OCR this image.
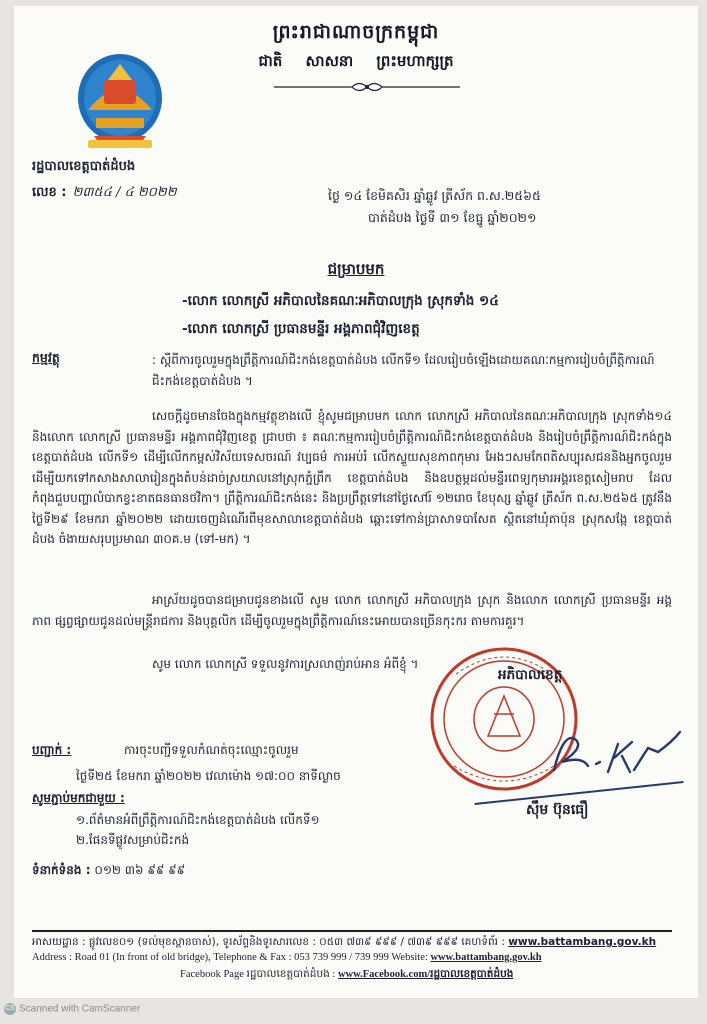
ព្រះរាជាណាចក្រកម្ពុជា
ជាតិ សាសនា ព្រះមហាក្សត្រ
រដ្ឋបាលខេត្តបាត់ដំបង
លេខ : ២៣៥៤ / ៤ ២០២២	ថ្ងៃ ១៤ ខែមិគសិរ ឆ្នាំឆ្លូវ ត្រីស័ក ព.ស.២៥៦៥
បាត់ដំបង ថ្ងៃទី ៣១ ខែធ្នូ ឆ្នាំ២០២១
ជម្រាបមក
-លោក លោកស្រី អភិបាលនៃគណៈអភិបាលក្រុង ស្រុកទាំង ១៤
-លោក លោកស្រី ប្រធានមន្ទីរ អង្គភាពជុំវិញខេត្ត
កម្មវត្ថុ	: ស្តីពីការចូលរួមក្នុងព្រឹត្តិការណ៍ជិះកង់ខេត្តបាត់ដំបង លើកទី១ ដែលរៀបចំឡើងដោយគណៈកម្មការរៀបចំព្រឹត្តិការណ៍ជិះកង់ខេត្តបាត់ដំបង ។
សេចក្តីដូចមានចែងក្នុងកម្មវត្ថុខាងលើ ខ្ញុំសូមជម្រាបមក លោក លោកស្រី អភិបាលនៃគណៈអភិបាលក្រុង ស្រុកទាំង១៤ និងលោក លោកស្រី ប្រធានមន្ទីរ អង្គភាពជុំវិញខេត្ត ជ្រាបថា ៖ គណៈកម្មការរៀបចំព្រឹត្តិការណ៍ជិះកង់ខេត្តបាត់ដំបង និងរៀបចំព្រឹត្តិការណ៍ជិះកង់ក្នុងខេត្តបាត់ដំបង លើកទី១ ដើម្បីលើកកម្ពស់វិស័យទេសចរណ៍ វប្បធម៌ ការអប់រំ លើកស្ទួយសុខភាពកុមារ អែងៗសមកែពតិសប្បុរសជននិងអ្នកចូលរួម ដើម្បីយកទៅកសាងសាលារៀនក្នុងតំបន់ដាច់ស្រយាលនៅស្រុកភ្នំព្រឹក ខេត្តបាត់ដំបង និងឧបត្ថម្ភដល់មន្ទីរពេទ្យកុមារអង្គរខេត្តសៀមរាប ដែលកំពុងជួបបញ្ហាលំបាកខ្វះខាតធនធានថវិកា។ ព្រឹត្តិការណ៍ជិះកង់នេះ និងប្រព្រឹត្តទៅនៅថ្ងៃសៅរ៍ ១២រោច ខែបុស្ស ឆ្នាំឆ្លូវ ត្រីស័ក ព.ស.២៥៦៥ ត្រូវនឹងថ្ងៃទី២៩ ខែមករា ឆ្នាំ២០២២ ដោយចេញដំណើរពីមុខសាលាខេត្តបាត់ដំបង ឆ្ពោះទៅកាន់ប្រាសាទបាសែត ស្ថិតនៅឃុំតាប៉ុន ស្រុកសង្កែ ខេត្តបាត់ដំបង ចំងាយសរុបប្រមាណ ៣០គ.ម (ទៅ-មក) ។
អាស្រ័យដូចបានជម្រាបជូនខាងលើ សូម លោក លោកស្រី អភិបាលក្រុង ស្រុក និងលោក លោកស្រី ប្រធានមន្ទីរ អង្គភាព ផ្សព្វផ្សាយជូនដល់មន្ត្រីរាជការ និងបុគ្គលិក ដើម្បីចូលរួមក្នុងព្រឹត្តិការណ៍នេះអោយបានច្រើនកុះករ តាមការគួរ។
សូម លោក លោកស្រី ទទួលនូវការស្រលាញ់រាប់អាន អំពីខ្ញុំ ។
អភិបាលខេត្ត
ស៊ឹម ប៊ុនធឿ
បញ្ជាក់ :	ការចុះបញ្ជីទទួលកំណត់ចុះឈ្មោះចូលរួម
ថ្ងៃទី២៥ ខែមករា ឆ្នាំ២០២២ វេលាម៉ោង ១៧:០០ នាទីល្ងាច
សូមភ្ជាប់មកជាមួយ :
១.ព័ត៌មានអំពីព្រឹត្តិការណ៍ជិះកង់ខេត្តបាត់ដំបង លើកទី១
២.ផែនទីផ្លូវសម្រាប់ជិះកង់
ទំនាក់ទំនង : ០១២ ៣៦ ៩៩ ៩៩
អាសយដ្ឋាន : ផ្លូវលេខ០១ (ទល់មុខស្ពានចាស់), ទូរស័ព្ទនិងទូរសារលេខ : ០៥៣ ៧៣៩ ៩៩៩ / ៧៣៩ ៩៩៩ គេហទំព័រ : www.battambang.gov.kh
Address : Road 01 (In front of old bridge), Telephone & Fax : 053 739 999 / 739 999 Website: www.battambang.gov.kh
Facebook Page រដ្ឋបាលខេត្តបាត់ដំបង : www.Facebook.com/រដ្ឋបាលខេត្តបាត់ដំបង
CS Scanned with CamScanner
